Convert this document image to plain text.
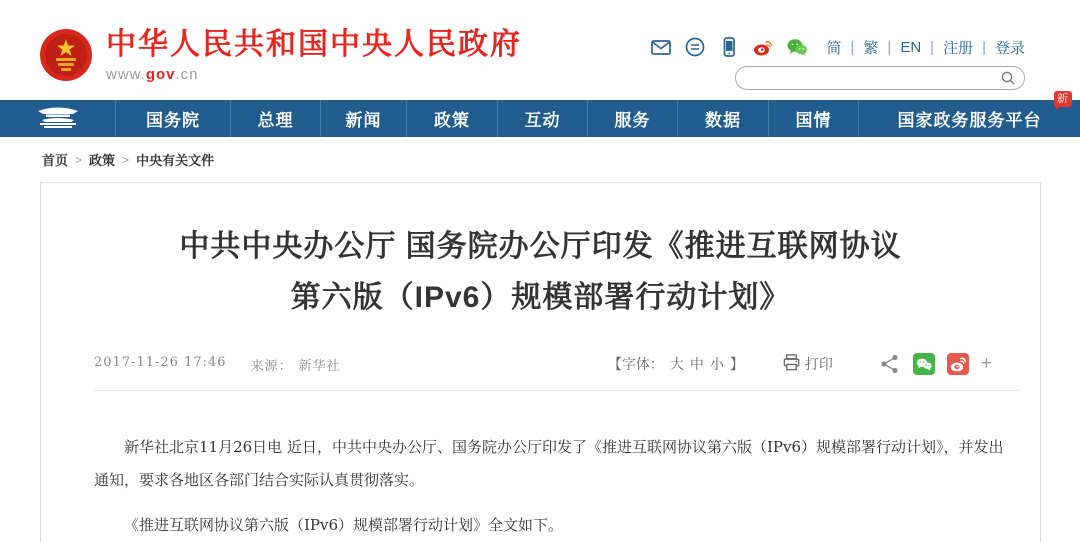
中华人民共和国中央人民政府
www.gov.cn
简 | 繁 | EN | 注册 | 登录
国务院	总理	新闻	政策	互动	服务	数据	国情	国家政务服务平台
新
首页 > 政策 > 中央有关文件
中共中央办公厅 国务院办公厅印发《推进互联网协议
第六版（IPv6）规模部署行动计划》
2017-11-26 17:46 来源： 新华社	【字体： 大 中 小 】	打印	+

新华社北京11月26日电 近日，中共中央办公厅、国务院办公厅印发了《推进互联网协议第六版（IPv6）规模部署行动计划》，并发出通知，要求各地区各部门结合实际认真贯彻落实。

《推进互联网协议第六版（IPv6）规模部署行动计划》全文如下。
